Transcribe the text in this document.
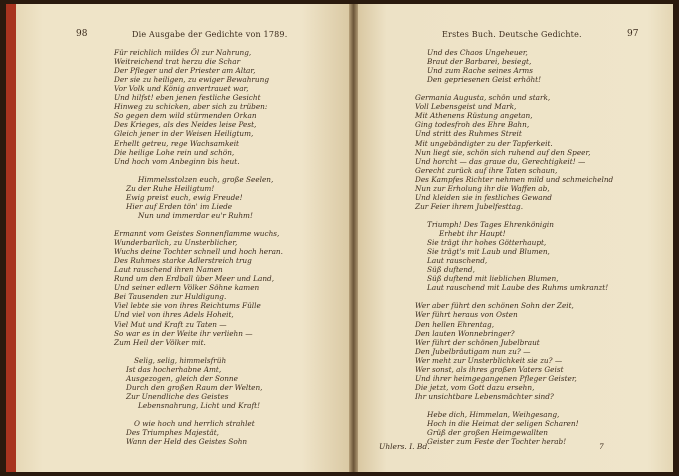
98	Die Ausgabe der Gedichte von 1789.
Für reichlich mildes Öl zur Nahrung,
Weitreichend trat herzu die Schar
Der Pfleger und der Priester am Altar,
Der sie zu heiligen, zu ewiger Bewahrung
Vor Volk und König anvertrauet war,
Und hilfst! eben jenen festliche Gesicht
Hinweg zu schicken, aber sich zu trüben:
So gegen dem wild stürmenden Orkan
Des Krieges, als des Neides leise Pest,
Gleich jener in der Weisen Heiligtum,
Erhellt getreu, rege Wachsamkeit
Die heilige Lohe rein und schön,
Und hoch vom Anbeginn bis heut.
Himmelsstolzen euch, große Seelen,
Zu der Ruhe Heiligtum!
Ewig preist euch, ewig Freude!
Hier auf Erden tön' im Liede
Nun und immerdar eu'r Ruhm!
Ermannt vom Geistes Sonnenflamme wuchs,
Wunderbarlich, zu Unsterblicher,
Wuchs deine Tochter schnell und hoch heran.
Des Ruhmes starke Adlerstreich trug
Laut rauschend ihren Namen
Rund um den Erdball über Meer und Land,
Und seiner edlern Völker Söhne kamen
Bei Tausenden zur Huldigung.
Viel lebte sie von ihres Reichtums Fülle
Und viel von ihres Adels Hoheit,
Viel Mut und Kraft zu Taten —
So war es in der Weite ihr verliehn —
Zum Heil der Völker mit.
Selig, selig, himmelsfrüh
Ist das hocherhabne Amt,
Ausgezogen, gleich der Sonne
Durch den großen Raum der Welten,
Zur Unendliche des Geistes
Lebensnahrung, Licht und Kraft!
O wie hoch und herrlich strahlet
Des Triumphes Majestät,
Wann der Held des Geistes Sohn
Erstes Buch. Deutsche Gedichte.	97
Und des Chaos Ungeheuer,
Braut der Barbarei, besiegt,
Und zum Rache seines Arms
Den gepriesenen Geist erhöht!
Germania Augusta, schön und stark,
Voll Lebensgeist und Mark,
Mit Athenens Rüstung angetan,
Ging todesfroh des Ehre Bahn,
Und stritt des Ruhmes Streit
Mit ungebändigter zu der Tapferkeit.
Nun liegt sie, schön sich ruhend auf den Speer,
Und horcht — das graue du, Gerechtigkeit! —
Gerecht zurück auf ihre Taten schaun,
Des Kampfes Richter nehmen mild und schmeichelnd
Nun zur Erholung ihr die Waffen ab,
Und kleiden sie in festliches Gewand
Zur Feier ihrem Jubelfesttag.
Triumph! Des Tages Ehrenkönigin
Erhebt ihr Haupt!
Sie trägt ihr hohes Götterhaupt,
Sie trägt's mit Laub und Blumen,
Laut rauschend,
Süß duftend,
Süß duftend mit lieblichen Blumen,
Laut rauschend mit Laube des Ruhms umkranzt!
Wer aber führt den schönen Sohn der Zeit,
Wer führt heraus von Osten
Den hellen Ehrentag,
Den lauten Wonnebringer?
Wer führt der schönen Jubelbraut
Den Jubelbräutigam nun zu? —
Wer meht zur Unsterblichkeit sie zu? —
Wer sonst, als ihres großen Vaters Geist
Und ihrer heimgegangenen Pfleger Geister,
Die jetzt, vom Gott dazu ersehn,
Ihr unsichtbare Lebensmächter sind?
Hebe dich, Himmelan, Weihgesang,
Hoch in die Heimat der seligen Scharen!
Grüß der großen Heimgewallten
Geister zum Feste der Tochter herab!
Uhlers. I. Bd.	7
